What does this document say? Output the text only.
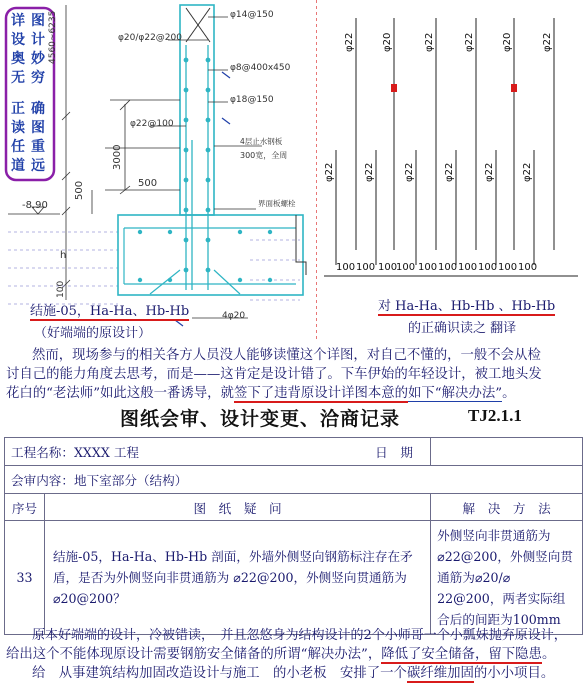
详
设
奥
无
图
计
妙
穷
正
读
任
道
确
图
重
远
4560~6235
3000
500
500
h
100
-8.90
φ14@150
φ20/φ22@200
φ8@400x450
φ18@150
φ22@100
4层止水钢板
300宽，全周
界面板螺栓
4φ20
结施-05，Ha-Ha、Hb-Hb
（好端端的原设计）
φ22	φ20	φ22	φ22	φ20	φ22
φ22	φ22	φ22	φ22	φ22	φ22
100 100 100
100 100 100 100 100 100 100
对 Ha-Ha、Hb-Hb 、Hb-Hb
的正确识读之 翻译
然而，现场参与的相关各方人员没人能够读懂这个详图，对自己不懂的，一般不会从检
讨自己的能力角度去思考，而是——这肯定是设计错了。下车伊始的年轻设计，被工地头发
花白的“老法师”如此这般一番诱导，就签下了违背原设计详图本意的如下“解决办法”。
图纸会审、设计变更、洽商记录	TJ2.1.1
工程名称：XXXX 工程		日　期
会审内容：地下室部分（结构）		
序号	图　纸　疑　问	解　决　方　法
33	结施-05，Ha-Ha、Hb-Hb 剖面，外墙外侧竖向钢筋标注存在矛盾，是否为外侧竖向非贯通筋为 ⌀22@200，外侧竖向贯通筋为⌀20@200？	外侧竖向非贯通筋为⌀22@200，外侧竖向贯通筋为⌀20/⌀ 22@200，两者实际组合后的间距为100mm
原本好端端的设计，冷被错读，　并且忽悠身为结构设计的2个小师哥一个小瓢妹抛弃原设计，
给出这个不能体现原设计需要钢筋安全储备的所谓“解决办法”，降低了安全储备，留下隐患。
给　从事建筑结构加固改造设计与施工　的小老板　安排了一个碳纤维加固的小小项目。
